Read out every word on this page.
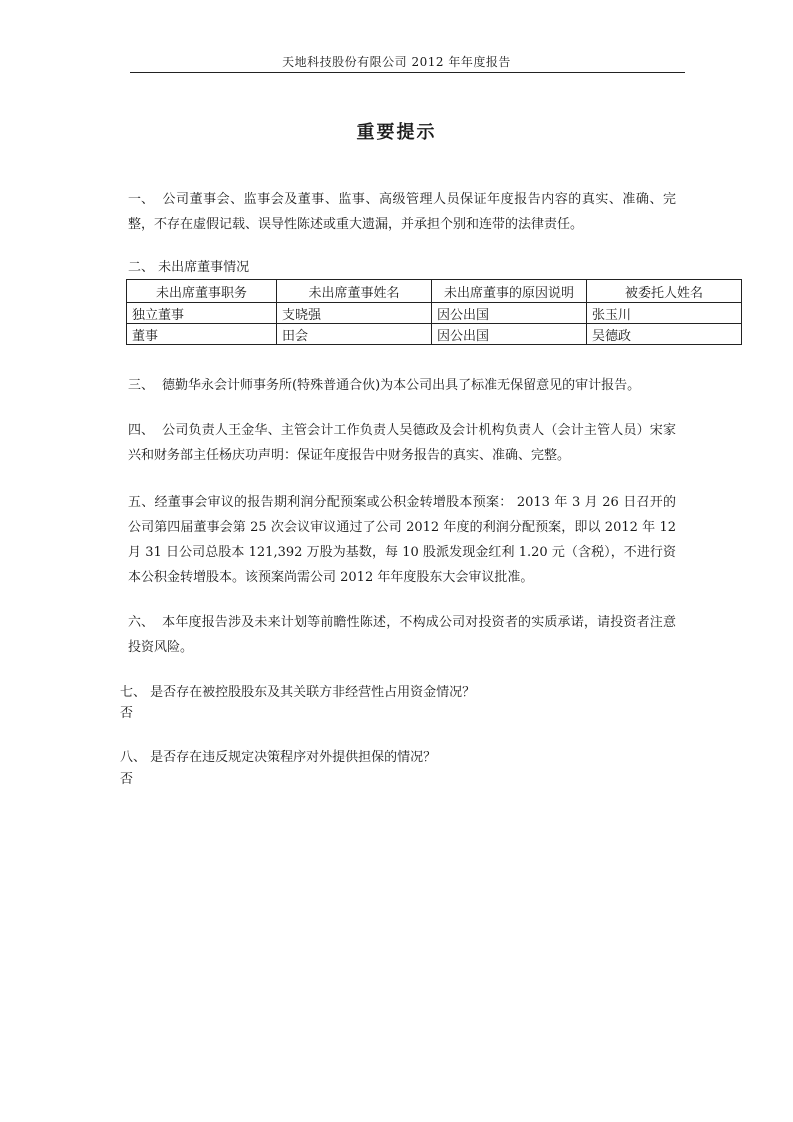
天地科技股份有限公司 2012 年年度报告
重要提示
一、 公司董事会、监事会及董事、监事、高级管理人员保证年度报告内容的真实、准确、完整，不存在虚假记载、误导性陈述或重大遗漏，并承担个别和连带的法律责任。
二、 未出席董事情况
未出席董事职务	未出席董事姓名	未出席董事的原因说明	被委托人姓名
独立董事	支晓强	因公出国	张玉川
董事	田会	因公出国	吴德政
三、 德勤华永会计师事务所(特殊普通合伙)为本公司出具了标准无保留意见的审计报告。
四、 公司负责人王金华、主管会计工作负责人吴德政及会计机构负责人（会计主管人员）宋家兴和财务部主任杨庆功声明：保证年度报告中财务报告的真实、准确、完整。
五、经董事会审议的报告期利润分配预案或公积金转增股本预案： 2013 年 3 月 26 日召开的公司第四届董事会第 25 次会议审议通过了公司 2012 年度的利润分配预案，即以 2012 年 12 月 31 日公司总股本 121,392 万股为基数，每 10 股派发现金红利 1.20 元（含税），不进行资本公积金转增股本。该预案尚需公司 2012 年年度股东大会审议批准。
六、 本年度报告涉及未来计划等前瞻性陈述，不构成公司对投资者的实质承诺，请投资者注意投资风险。
七、 是否存在被控股股东及其关联方非经营性占用资金情况？
否
八、 是否存在违反规定决策程序对外提供担保的情况？
否
